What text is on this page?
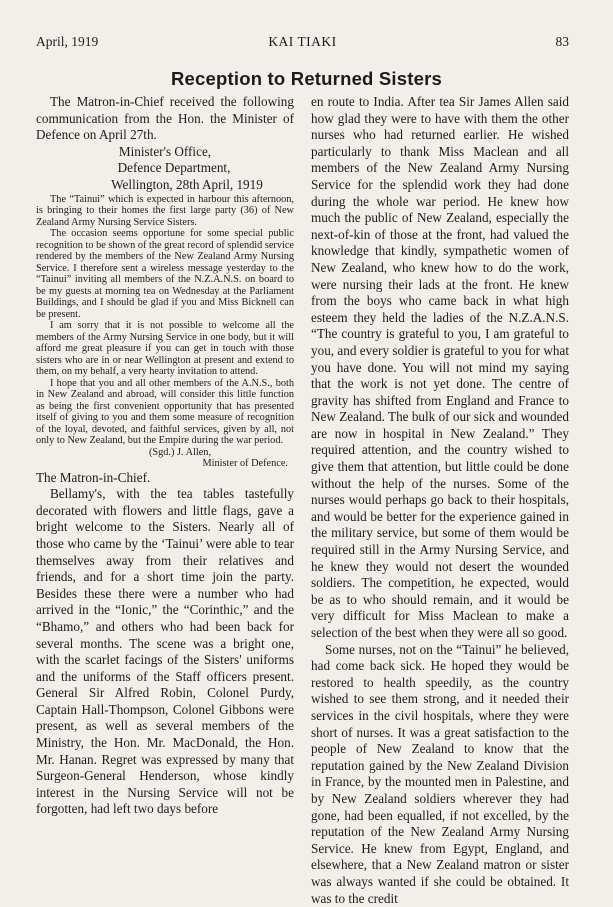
April, 1919	KAI TIAKI	83
Reception to Returned Sisters

The Matron-in-Chief received the following communication from the Hon. the Minister of Defence on April 27th.

Minister's Office,

Defence Department,

Wellington, 28th April, 1919

The “Tainui” which is expected in harbour this afternoon, is bringing to their homes the first large party (36) of New Zealand Army Nursing Service Sisters.

The occasion seems opportune for some special public recognition to be shown of the great record of splendid service rendered by the members of the New Zealand Army Nursing Service. I therefore sent a wireless message yesterday to the “Tainui” inviting all members of the N.Z.A.N.S. on board to be my guests at morning tea on Wednesday at the Parliament Buildings, and I should be glad if you and Miss Bicknell can be present.

I am sorry that it is not possible to welcome all the members of the Army Nursing Service in one body, but it will afford me great pleasure if you can get in touch with those sisters who are in or near Wellington at present and extend to them, on my behalf, a very hearty invitation to attend.

I hope that you and all other members of the A.N.S., both in New Zealand and abroad, will consider this little function as being the first convenient opportunity that has presented itself of giving to you and them some measure of recognition of the loyal, devoted, and faithful services, given by all, not only to New Zealand, but the Empire during the war period.

(Sgd.) J. Allen,

Minister of Defence.

The Matron-in-Chief.

Bellamy's, with the tea tables tastefully decorated with flowers and little flags, gave a bright welcome to the Sisters. Nearly all of those who came by the ‘Tainui’ were able to tear themselves away from their relatives and friends, and for a short time join the party. Besides these there were a number who had arrived in the “Ionic,” the “Corinthic,” and the “Bhamo,” and others who had been back for several months. The scene was a bright one, with the scarlet facings of the Sisters' uniforms and the uniforms of the Staff officers present. General Sir Alfred Robin, Colonel Purdy, Captain Hall-Thompson, Colonel Gibbons were present, as well as several members of the Ministry, the Hon. Mr. MacDonald, the Hon. Mr. Hanan. Regret was expressed by many that Surgeon-General Henderson, whose kindly interest in the Nursing Service will not be forgotten, had left two days before

en route to India. After tea Sir James Allen said how glad they were to have with them the other nurses who had returned earlier. He wished particularly to thank Miss Maclean and all members of the New Zealand Army Nursing Service for the splendid work they had done during the whole war period. He knew how much the public of New Zealand, especially the next-of-kin of those at the front, had valued the knowledge that kindly, sympathetic women of New Zealand, who knew how to do the work, were nursing their lads at the front. He knew from the boys who came back in what high esteem they held the ladies of the N.Z.A.N.S. “The country is grateful to you, I am grateful to you, and every soldier is grateful to you for what you have done. You will not mind my saying that the work is not yet done. The centre of gravity has shifted from England and France to New Zealand. The bulk of our sick and wounded are now in hospital in New Zealand.” They required attention, and the country wished to give them that attention, but little could be done without the help of the nurses. Some of the nurses would perhaps go back to their hospitals, and would be better for the experience gained in the military service, but some of them would be required still in the Army Nursing Service, and he knew they would not desert the wounded soldiers. The competition, he expected, would be as to who should remain, and it would be very difficult for Miss Maclean to make a selection of the best when they were all so good.

Some nurses, not on the “Tainui” he believed, had come back sick. He hoped they would be restored to health speedily, as the country wished to see them strong, and it needed their services in the civil hospitals, where they were short of nurses. It was a great satisfaction to the people of New Zealand to know that the reputation gained by the New Zealand Division in France, by the mounted men in Palestine, and by New Zealand soldiers wherever they had gone, had been equalled, if not excelled, by the reputation of the New Zealand Army Nursing Service. He knew from Egypt, England, and elsewhere, that a New Zealand matron or sister was always wanted if she could be obtained. It was to the credit
